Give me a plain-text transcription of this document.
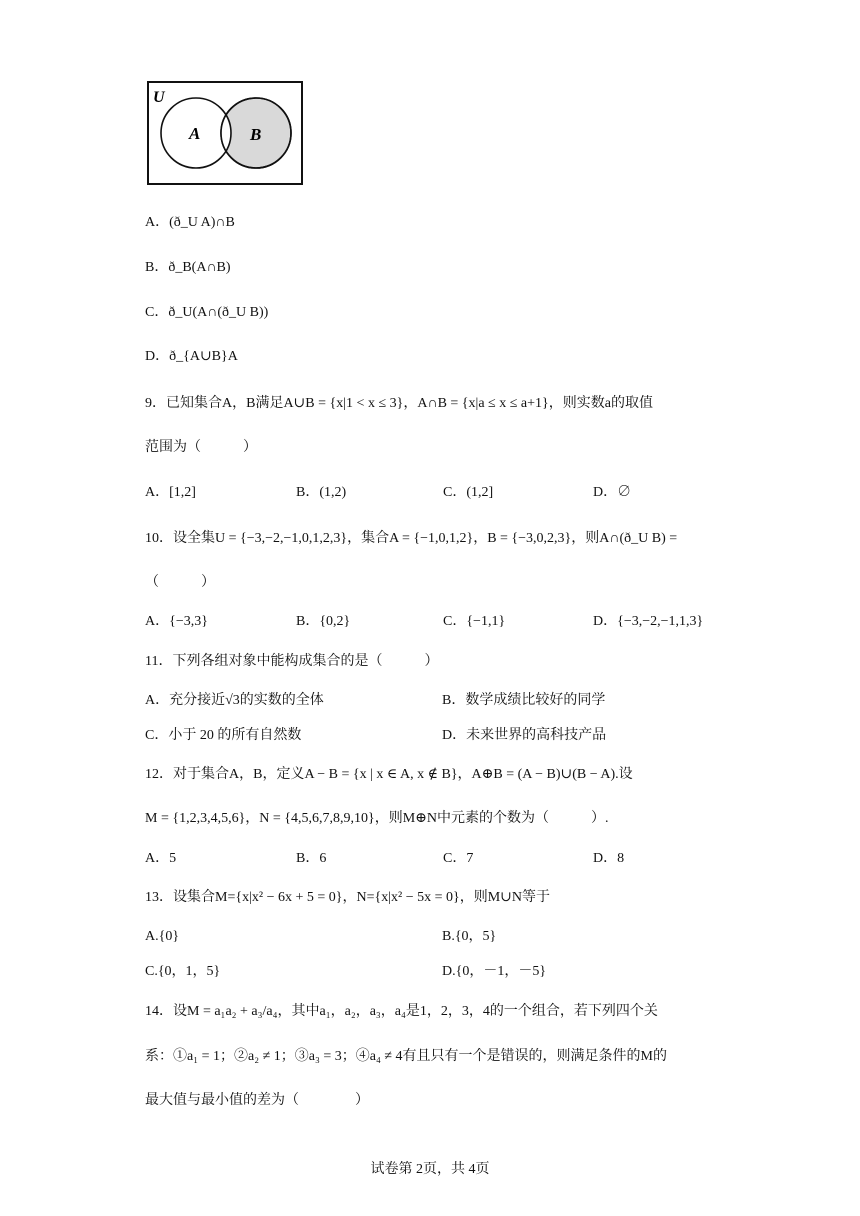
U
A	B
A．(ð_U A)∩B
B．ð_B(A∩B)
C．ð_U(A∩(ð_U B))
D．ð_{A∪B}A
9．已知集合A，B满足A∪B = {x|1 < x ≤ 3}，A∩B = {x|a ≤ x ≤ a+1}，则实数a的取值
范围为（　　　）
A．[1,2]	B．(1,2)	C．(1,2]	D．∅
10．设全集U = {−3,−2,−1,0,1,2,3}，集合A = {−1,0,1,2}，B = {−3,0,2,3}，则A∩(ð_U B) =
（　　　）
A．{−3,3}	B．{0,2}	C．{−1,1}	D．{−3,−2,−1,1,3}
11．下列各组对象中能构成集合的是（　　　）
A．充分接近√3的实数的全体	B．数学成绩比较好的同学
C．小于 20 的所有自然数	D．未来世界的高科技产品
12．对于集合A，B，定义A − B = {x | x ∈ A, x ∉ B}，A⊕B = (A − B)∪(B − A).设
M = {1,2,3,4,5,6}，N = {4,5,6,7,8,9,10}，则M⊕N中元素的个数为（　　　）.
A．5	B．6	C．7	D．8
13．设集合M={x|x² − 6x + 5 = 0}，N={x|x² − 5x = 0}，则M∪N等于
A.{0}	B.{0，5}
C.{0，1，5}	D.{0，－1，－5}
14．设M = a₁a₂ + a₃/a₄，其中a₁，a₂，a₃，a₄是1，2，3，4的一个组合，若下列四个关
系：①a₁ = 1；②a₂ ≠ 1；③a₃ = 3；④a₄ ≠ 4有且只有一个是错误的，则满足条件的M的
最大值与最小值的差为（　　　　）
试卷第 2页，共 4页
